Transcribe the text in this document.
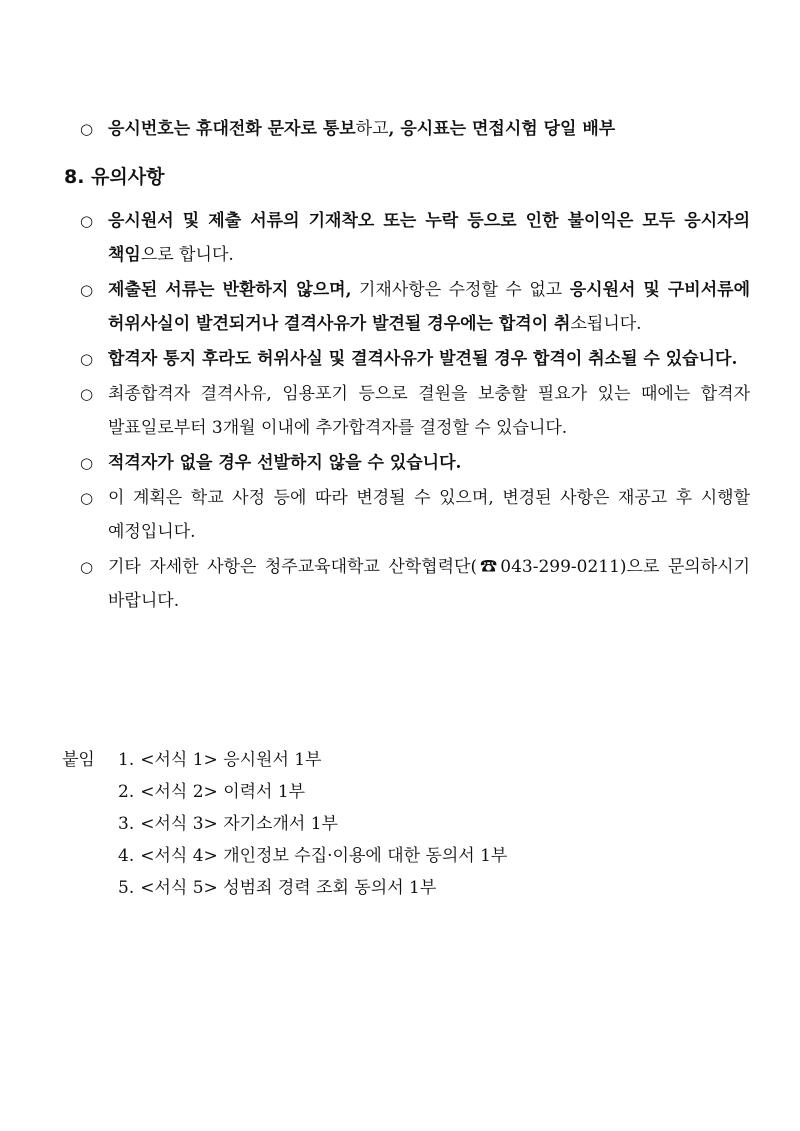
○ 응시번호는 휴대전화 문자로 통보하고, 응시표는 면접시험 당일 배부
8. 유의사항
○ 응시원서 및 제출 서류의 기재착오 또는 누락 등으로 인한 불이익은 모두 응시자의 책임으로 합니다.
○ 제출된 서류는 반환하지 않으며, 기재사항은 수정할 수 없고 응시원서 및 구비서류에 허위사실이 발견되거나 결격사유가 발견될 경우에는 합격이 취소됩니다.
○ 합격자 통지 후라도 허위사실 및 결격사유가 발견될 경우 합격이 취소될 수 있습니다.
○ 최종합격자 결격사유, 임용포기 등으로 결원을 보충할 필요가 있는 때에는 합격자 발표일로부터 3개월 이내에 추가합격자를 결정할 수 있습니다.
○ 적격자가 없을 경우 선발하지 않을 수 있습니다.
○ 이 계획은 학교 사정 등에 따라 변경될 수 있으며, 변경된 사항은 재공고 후 시행할 예정입니다.
○ 기타 자세한 사항은 청주교육대학교 산학협력단(☎043-299-0211)으로 문의하시기 바랍니다.
붙임	1. <서식 1> 응시원서 1부
2. <서식 2> 이력서 1부
3. <서식 3> 자기소개서 1부
4. <서식 4> 개인정보 수집·이용에 대한 동의서 1부
5. <서식 5> 성범죄 경력 조회 동의서 1부
